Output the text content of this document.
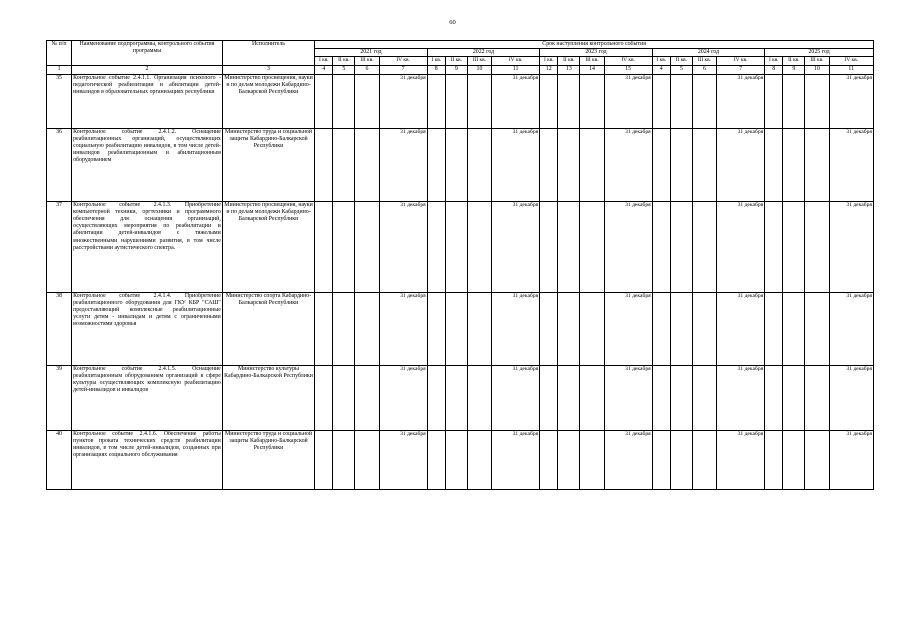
60
№ п/п	Наименование подпрограммы, контрольного события программы	Исполнитель	Срок наступления контрольного события																			
			2021 год				2022 год				2023 год				2024 год				2025 год			
			I кв.	II кв.	III кв.	IV кв.	I кв.	II кв.	III кв.	IV кв.	I кв.	II кв.	III кв.	IV кв.	I кв.	II кв.	III кв.	IV кв.	I кв.	II кв.	III кв.	IV кв.
1	2	3	4	5	6	7	8	9	10	11	12	13	14	15	4	5	6	7	8	9	10	11
35	Контрольное событие 2.4.1.1. Организация психолого - педагогической реабилитации и абилитации детей-инвалидов в образовательных организациях республики	Министерство просвещения, науки и по делам молодежи Кабардино-Балкарской Республики				31 декабря				31 декабря				31 декабря				31 декабря				31 декабря
36	Контрольное событие 2.4.1.2. Оснащение реабилитационных организаций, осуществляющих социальную реабилитацию инвалидов, в том числе детей-инвалидов реабилитационным и абилитационным оборудованием	Министерство труда и социальной защиты Кабардино-Балкарской Республики				31 декабря				31 декабря				31 декабря				31 декабря				31 декабря
37	Контрольное событие 2.4.1.3. Приобретение компьютерной техники, оргтехники и программного обеспечения для оснащения организаций, осуществляющих мероприятия по реабилитации и абилитации детей-инвалидов с тяжелыми множественными нарушениями развития, в том числе расстройствами аутистического спектра.	Министерство просвещения, науки и по делам молодежи Кабардино-Балкарской Республики				31 декабря				31 декабря				31 декабря				31 декабря				31 декабря
38	Контрольное событие 2.4.1.4. Приобретение реабилитационного оборудования для ГКУ КБР "САШ" предоставляющий комплексные реабилитационные услуги детям - инвалидам и детям с ограниченными возможностями здоровья	Министерство спорта Кабардино-Балкарской Республики				31 декабря				31 декабря				31 декабря				31 декабря				31 декабря
39	Контрольное событие 2.4.1.5. Оснащение реабилитационным оборудованием организаций в сфере культуры осуществляющих комплексную реабилитацию детей-инвалидов и инвалидов	Министерство культуры Кабардино-Балкарской Республики				31 декабря				31 декабря				31 декабря				31 декабря				31 декабря
40	Контрольное событие 2.4.1.6. Обеспечение работы пунктов проката технических средств реабилитации инвалидов, в том числе детей-инвалидов, созданных при организациях социального обслуживания	Министерство труда и социальной защиты Кабардино-Балкарской Республики				31 декабря				31 декабря				31 декабря				31 декабря				31 декабря
